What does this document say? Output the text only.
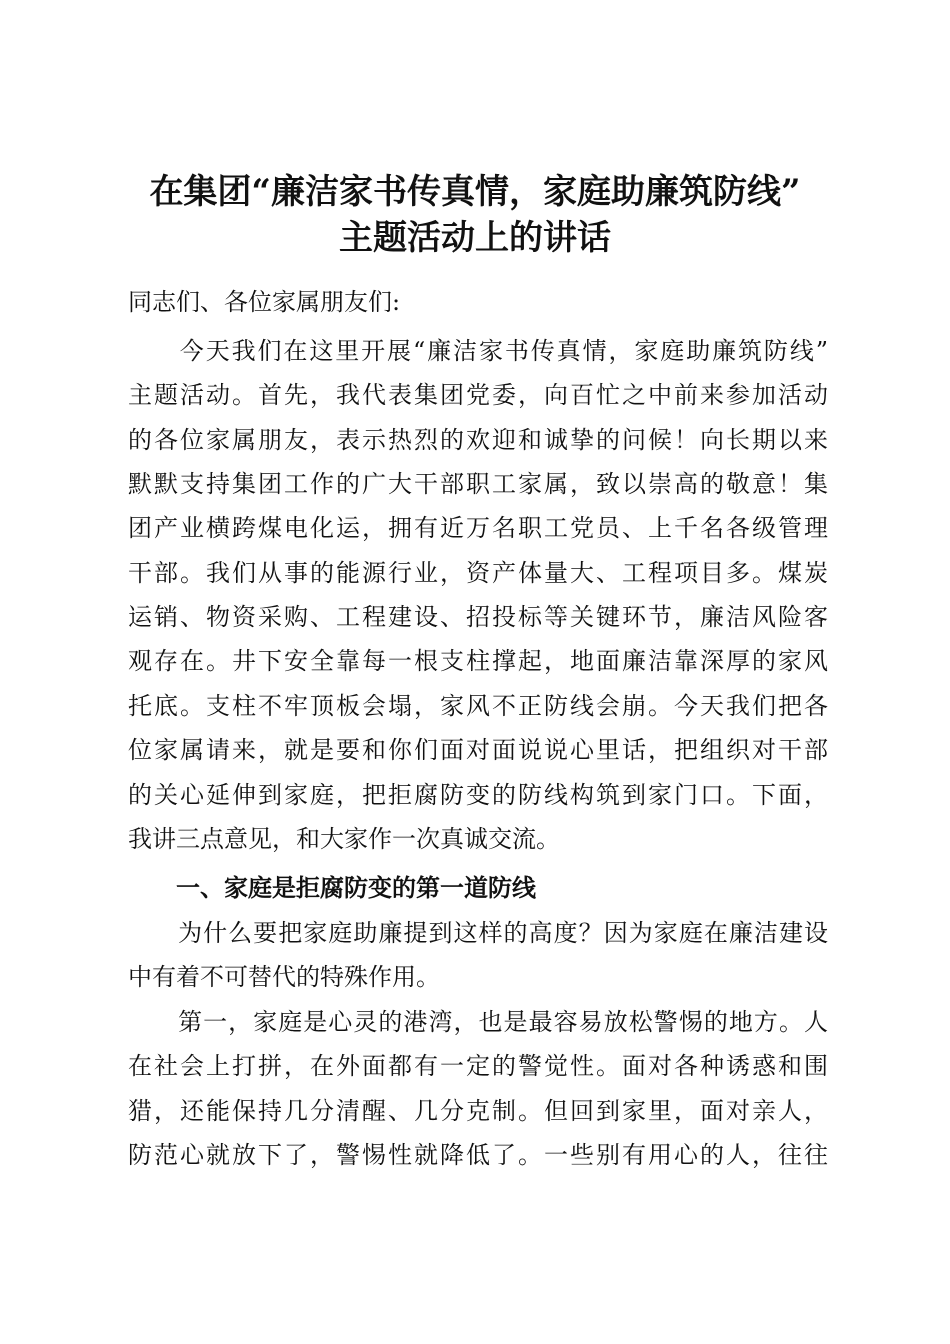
在集团“廉洁家书传真情，家庭助廉筑防线”
主题活动上的讲话
同志们、各位家属朋友们:
　　今天我们在这里开展“廉洁家书传真情，家庭助廉筑防线”
主题活动。首先，我代表集团党委，向百忙之中前来参加活动
的各位家属朋友，表示热烈的欢迎和诚挚的问候！向长期以来
默默支持集团工作的广大干部职工家属，致以崇高的敬意！集
团产业横跨煤电化运，拥有近万名职工党员、上千名各级管理
干部。我们从事的能源行业，资产体量大、工程项目多。煤炭
运销、物资采购、工程建设、招投标等关键环节，廉洁风险客
观存在。井下安全靠每一根支柱撑起，地面廉洁靠深厚的家风
托底。支柱不牢顶板会塌，家风不正防线会崩。今天我们把各
位家属请来，就是要和你们面对面说说心里话，把组织对干部
的关心延伸到家庭，把拒腐防变的防线构筑到家门口。下面，
我讲三点意见，和大家作一次真诚交流。
　　一、家庭是拒腐防变的第一道防线
　　为什么要把家庭助廉提到这样的高度？因为家庭在廉洁建设
中有着不可替代的特殊作用。
　　第一，家庭是心灵的港湾，也是最容易放松警惕的地方。人
在社会上打拼，在外面都有一定的警觉性。面对各种诱惑和围
猎，还能保持几分清醒、几分克制。但回到家里，面对亲人，
防范心就放下了，警惕性就降低了。一些别有用心的人，往往
